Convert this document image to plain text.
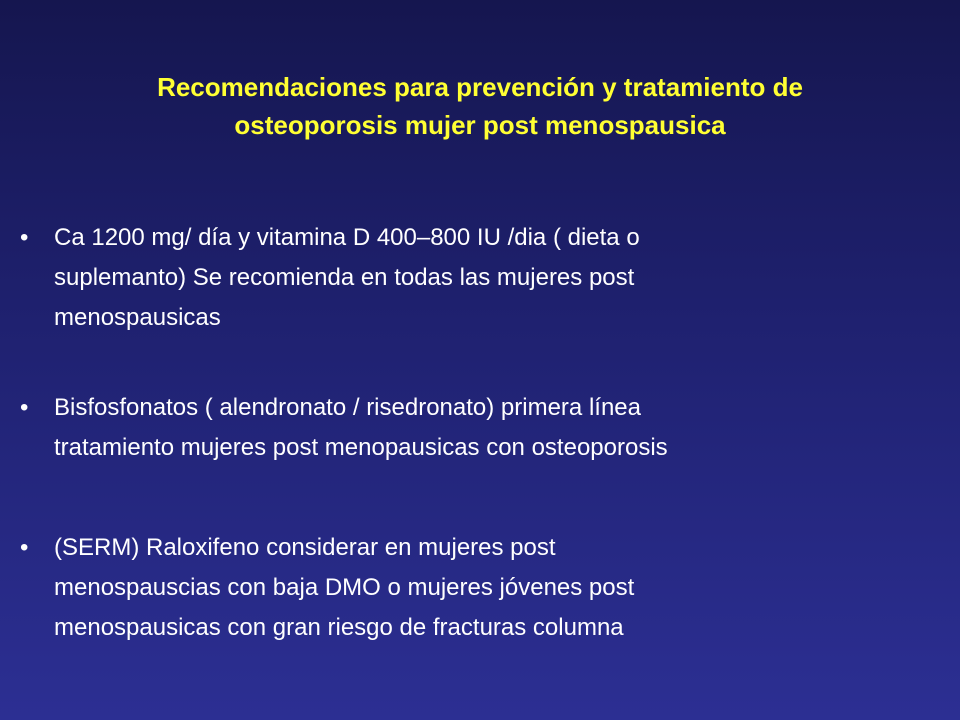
Recomendaciones para prevención y tratamiento de
osteoporosis mujer post menospausica
• Ca 1200 mg/ día y vitamina D 400–800 IU /dia ( dieta o
suplemanto) Se recomienda en todas las mujeres post
menospausicas
• Bisfosfonatos ( alendronato / risedronato) primera línea
tratamiento mujeres post menopausicas con osteoporosis
• (SERM) Raloxifeno considerar en mujeres post
menospauscias con baja DMO o mujeres jóvenes post
menospausicas con gran riesgo de fracturas columna
